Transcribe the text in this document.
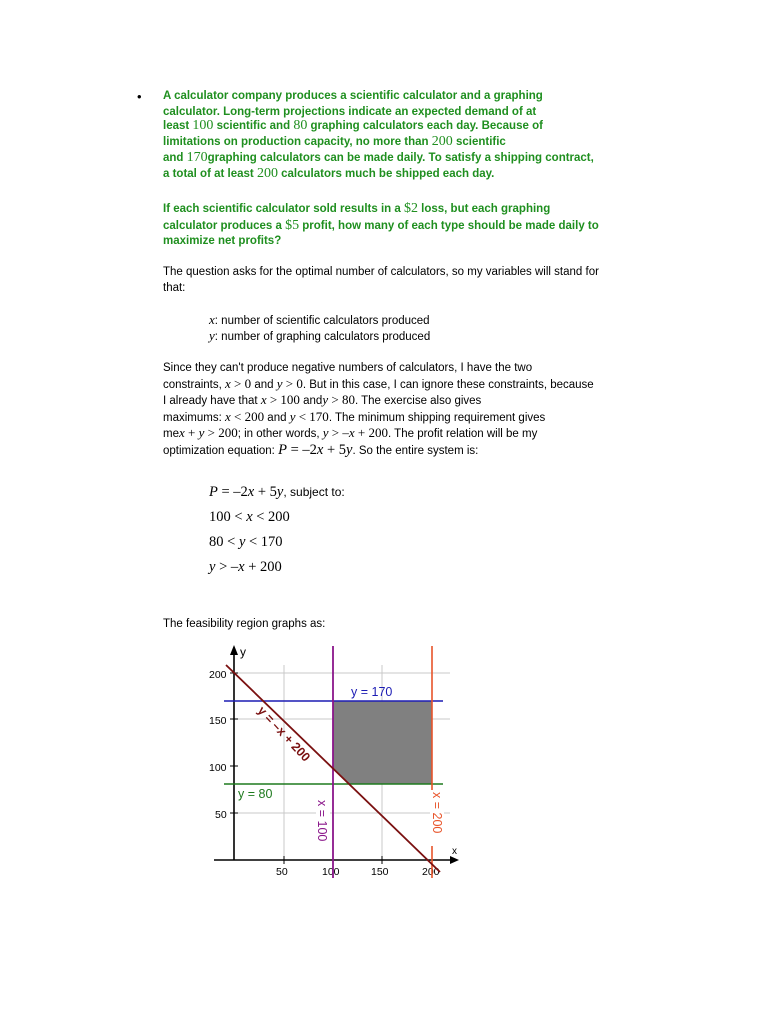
• A calculator company produces a scientific calculator and a graphing
calculator. Long-term projections indicate an expected demand of at
least 100 scientific and 80 graphing calculators each day. Because of
limitations on production capacity, no more than 200 scientific
and 170graphing calculators can be made daily. To satisfy a shipping contract,
a total of at least 200 calculators much be shipped each day.
If each scientific calculator sold results in a $2 loss, but each graphing
calculator produces a $5 profit, how many of each type should be made daily to
maximize net profits?
The question asks for the optimal number of calculators, so my variables will stand for
that:
x: number of scientific calculators produced
y: number of graphing calculators produced
Since they can't produce negative numbers of calculators, I have the two
constraints, x > 0 and y > 0. But in this case, I can ignore these constraints, because
I already have that x > 100 andy > 80. The exercise also gives
maximums: x < 200 and y < 170. The minimum shipping requirement gives
mex + y > 200; in other words, y > –x + 200. The profit relation will be my
optimization equation: P = –2x + 5y. So the entire system is:
P = –2x + 5y, subject to:
100 < x < 200
80 < y < 170
y > –x + 200
The feasibility region graphs as:
y
x
50	100	150	200
50
100
150
200
y = 170
y = 80
x = 100	x = 200
y = –x + 200
